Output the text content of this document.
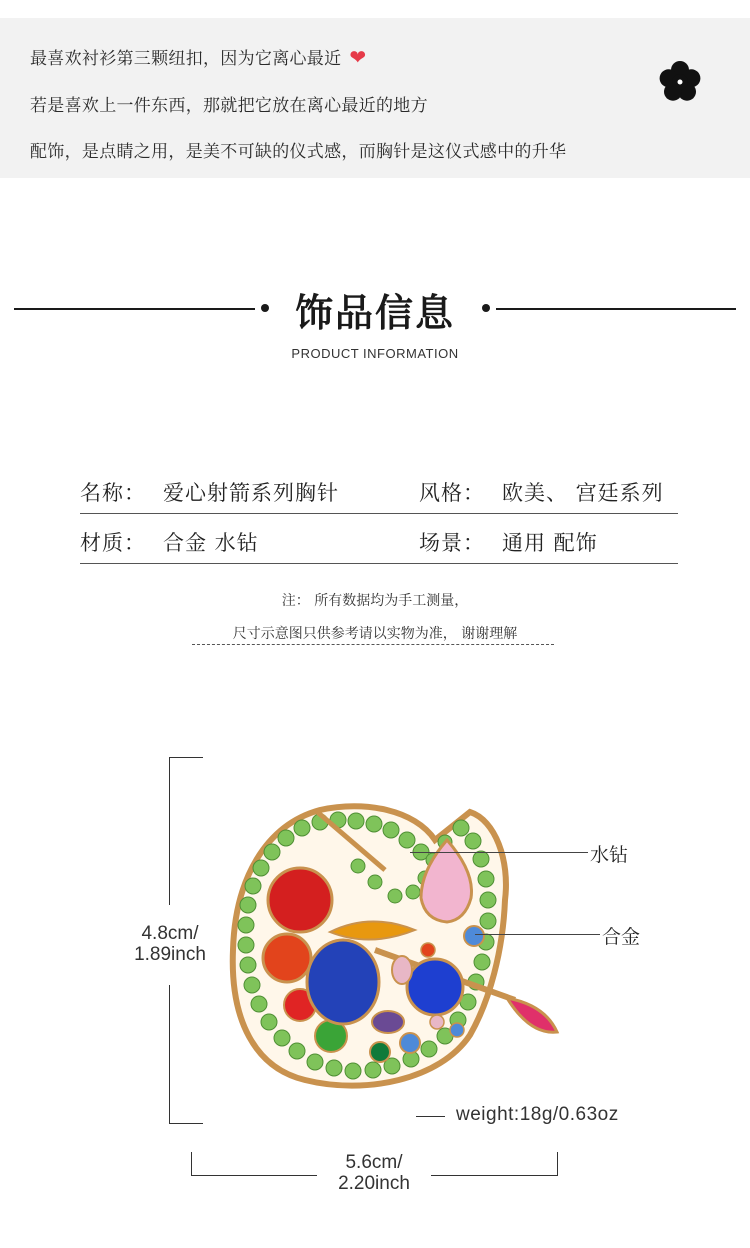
最喜欢衬衫第三颗纽扣，因为它离心最近 ❤
若是喜欢上一件东西，那就把它放在离心最近的地方
配饰，是点睛之用，是美不可缺的仪式感，而胸针是这仪式感中的升华
饰品信息
PRODUCT INFORMATION
名称： 爱心射箭系列胸针	风格： 欧美、 宫廷系列
材质： 合金 水钻	场景： 通用 配饰
注： 所有数据均为手工测量，
尺寸示意图只供参考请以实物为准， 谢谢理解
4.8cm/
1.89inch
5.6cm/
2.20inch
weight:18g/0.63oz
水钻
合金
